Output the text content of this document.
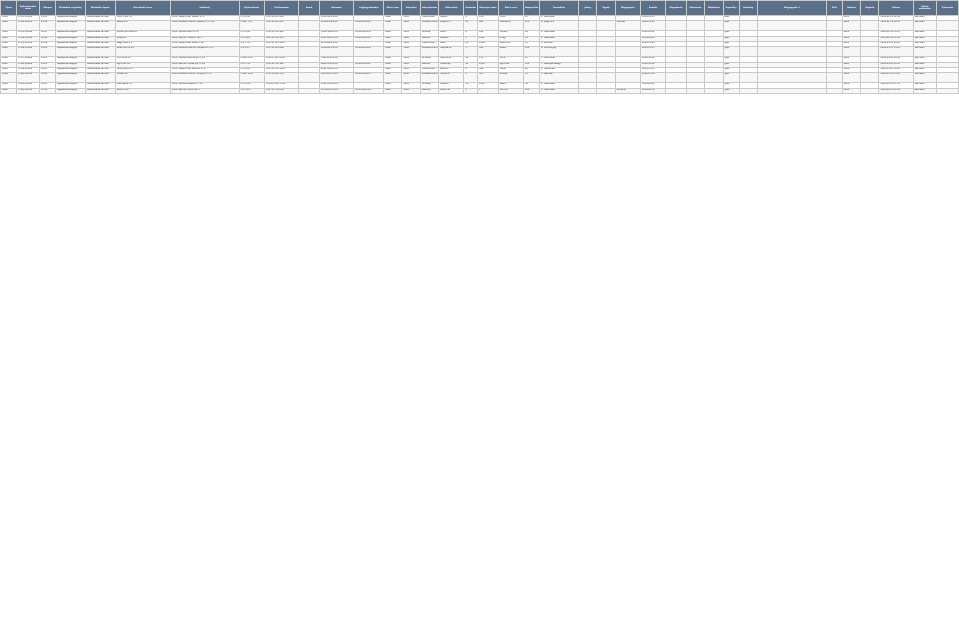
Típus	Nyilvántartási szám	Állapot	Működési engedély	Működés típusa	Kereskedő neve	Székhely	Nyitvatartás	Telefonszám	Email	Adószám	Cégjegyzékszám	Üzlet címe	Település	Irányítószám	Közterület	Házszám	Helyrajzi szám	Üzlet neve	Alapterület	Termékkör	Jelleg	Egyéb	Megjegyzés	Kezdés	Megszűnés	Ellenőrzés	Módosítás	Engedély	Hatóság	Megjegyzés 2	Kód	Státusz	Rögzítő	Dátum	Utolsó módosítás	Összesítő
Üzlet	0731/1/2009	E.415	Bejelentés alapján	Üzletköteles termék	Holdi Tibor EV	5430 Tiszaföldvár Szeleri u. 4.	H-P 6-18	+36 56 470 098		12345678-2-16		Üzlet	5430	Tiszaföldvár	Szeleri	4	1257	Holdi	45	1. Élelmiszer				2009.01.05				Igen				Aktív		2009.01.05 12:00	Rendben	
Üzlet	0732/1/2009	E.416	Bejelentés alapján	Üzletköteles termék	Gazda Kft.	5440 Kunszentmárton Kossuth L. u. 12.	H-Szo 7-17	+36 56 461 223		23456789-2-16	16-09-000123	Üzlet	5440	Kunszentmárton	Kossuth L.	12	889	Gazdabolt	120	4. Vegyi áru			Kiemelt	2009.01.12				Igen				Aktív		2009.01.12 09:30	Rendben	
Üzlet	0733/1/2009	E.417	Bejelentés alapján	Üzletköteles termék	Kovács és Társa Bt.	5420 Túrkeve Petőfi u. 8.	H-P 8-16	+36 56 361 440		34567890-2-16	16-06-001234	Üzlet	5420	Túrkeve	Petőfi	8	612	Kovács	60	1. Élelmiszer				2009.02.02				Igen				Aktív		2009.02.02 10:15	Rendben	
Üzlet	0734/1/2009	E.418	Bejelentés alapján	Üzletköteles termék	Virág Kft.	5400 Mezőtúr Kossuth tér 3.	H-V 6-20	+36 56 350 211		45678901-2-16	16-09-002345	Üzlet	5400	Mezőtúr	Kossuth	3	1022	Virág	80	1. Élelmiszer				2009.02.10				Igen				Aktív		2009.02.10 11:40	Rendben	
Üzlet	0735/1/2009	E.419	Bejelentés alapján	Üzletköteles termék	Nagy Péter EV	5430 Tiszaföldvár Béke u. 22.	H-P 7-15	+36 30 123 4567		56789012-1-16		Üzlet	5430	Tiszaföldvár	Béke	22	1544	Péter bolt	35	3. Ruházat				2009.03.01				Igen				Aktív		2009.03.01 08:20	Rendben	
Üzlet	0736/1/2009	E.420	Bejelentés alapján	Üzletköteles termék	Szabó és Fia Kft.	5440 Kunszentmárton Mátyás kir. u. 5.	H-P 8-17	+36 56 461 888		67890123-2-16	16-09-003456	Üzlet	5440	Kunszentmárton	Mátyás kir.	5	410	Szabó	150	6. Építőanyag				2009.03.15				Igen				Aktív		2009.03.15 13:05	Rendben	
Üzlet	0737/1/2009	E.421	Bejelentés alapján	Üzletköteles termék	Tóth Ilona EV	5420 Túrkeve Széchenyi u. 14.	H-Szo 6-12	+36 20 987 6543		78901234-1-16		Üzlet	5420	Túrkeve	Széchenyi	14	733	Ilona	25	1. Élelmiszer				2009.04.02				Igen				Aktív		2009.04.02 09:00	Rendben	
Üzlet	0738/1/2009	E.422	Bejelentés alapján	Üzletköteles termék	Agro-Mix Kft.	5400 Mezőtúr Dózsa Gy. u. 40.	H-P 7-16	+36 56 350 999		89012345-2-16	16-09-004567	Üzlet	5400	Mezőtúr	Dózsa Gy.	40	2210	Agro-Mix	300	7. Mezőgazdasági				2009.04.20				Igen				Aktív		2009.04.20 14:30	Rendben	
Üzlet	0739/1/2009	E.423	Bejelentés alapján	Üzletköteles termék	Fehér János EV	5430 Tiszaföldvár Rákóczi u. 6.	H-P 8-18	+36 30 555 1212		90123456-1-16		Üzlet	5430	Tiszaföldvár	Rákóczi	6	998	Fehér	40	2. Háztartási				2009.05.05				Igen				Aktív		2009.05.05 10:10	Rendben	
Üzlet	0740/1/2009	E.424	Bejelentés alapján	Üzletköteles termék	Mozaik Bt.	5440 Kunszentmárton Templom u. 2.	H-Szo 9-18	+36 56 461 314		01234567-2-16	16-06-005678	Üzlet	5440	Kunszentmárton	Templom	2	305	Mozaik	55	5. Ajándék				2009.05.18				Igen				Aktív		2009.05.18 15:45	Rendben	
Üzlet	0741/1/2009	E.425	Bejelentés alapján	Üzletköteles termék	Kiss Gábor EV	5420 Túrkeve Kossuth u. 30.	H-P 6-14	+36 20 444 7788		11223344-1-16		Üzlet	5420	Túrkeve	Kossuth	30	1101	Gábor	30	1. Élelmiszer				2009.06.01				Igen				Aktív		2009.06.01 07:50	Rendben	
Üzlet	0742/1/2009	E.426	Bejelentés alapján	Üzletköteles termék	Pannon Kft.	5400 Mezőtúr Petőfi tér 1.	H-V 0-24	+36 56 351 000		22334455-2-16	16-09-006789	Üzlet	5400	Mezőtúr	Petőfi tér	1	1	Pannon	200	1. Élelmiszer			Nonstop	2009.06.12				Igen				Aktív		2009.06.12 12:00	Rendben	
